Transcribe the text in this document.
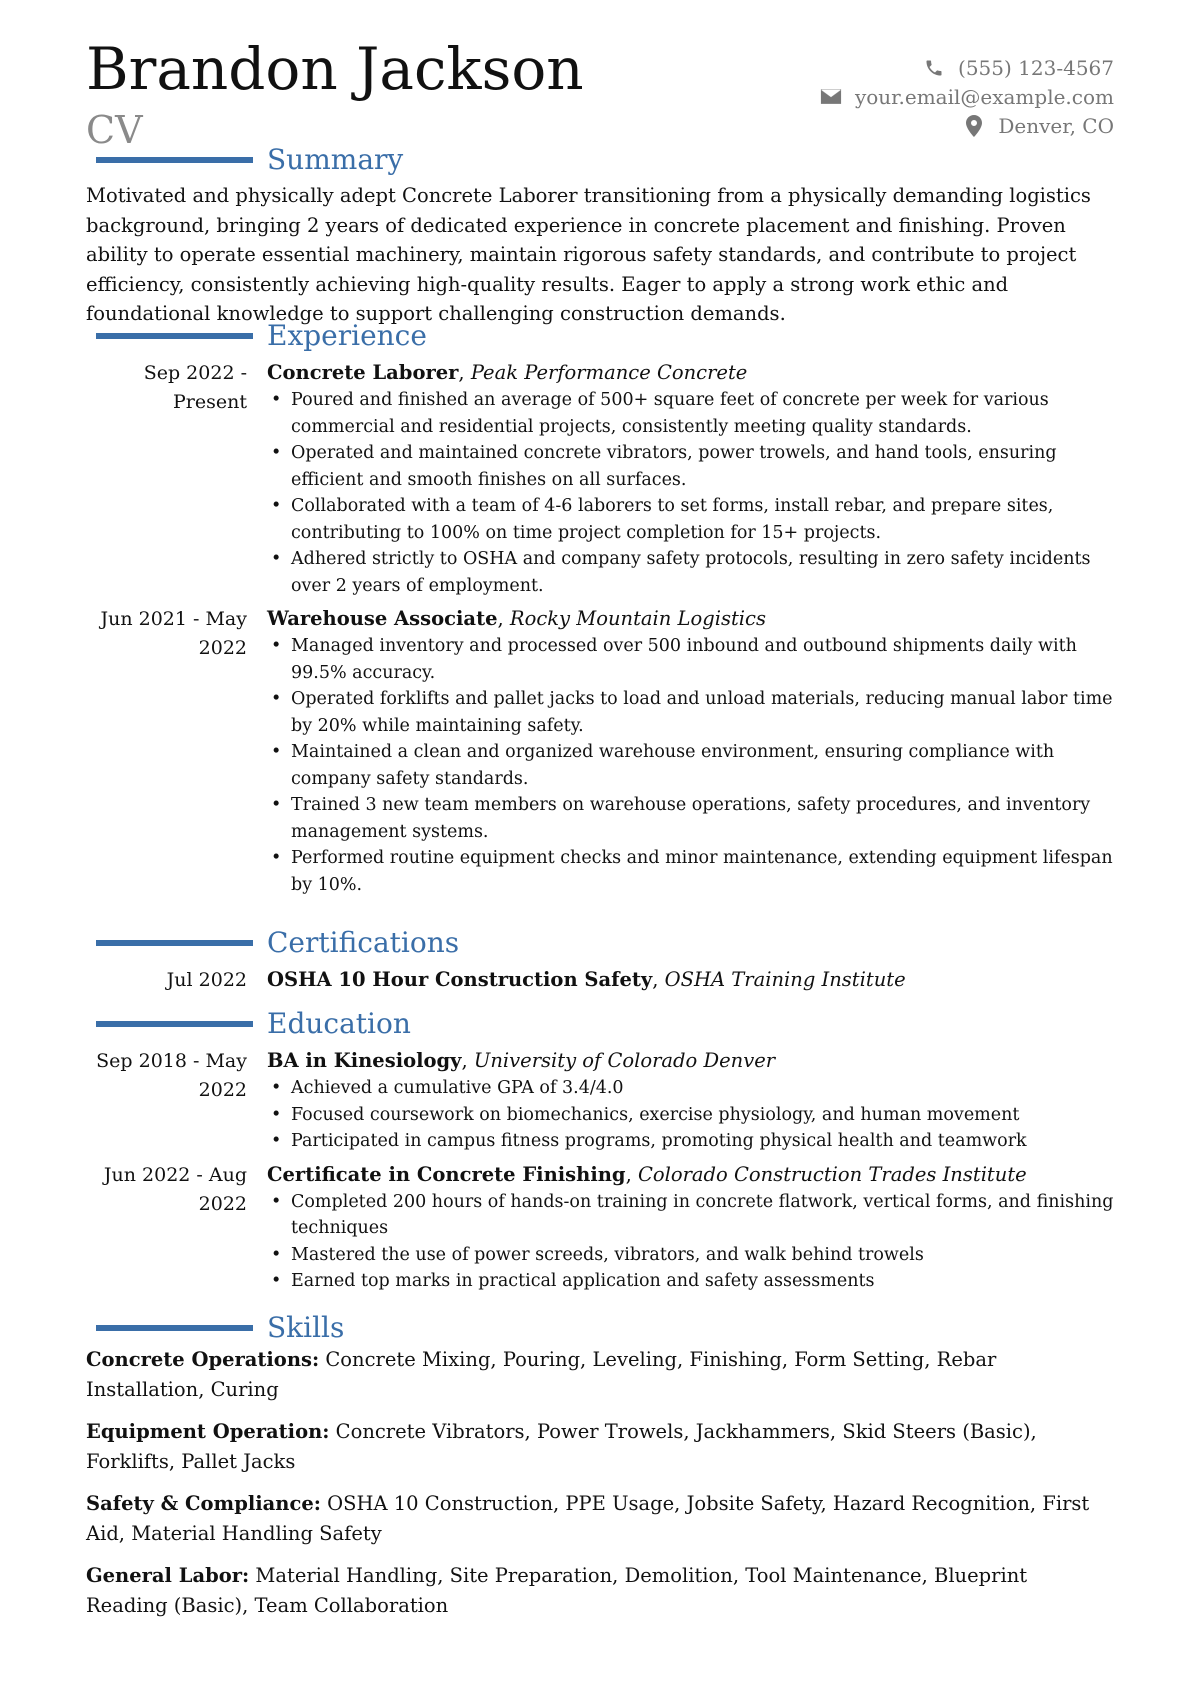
Brandon Jackson
CV
(555) 123-4567
your.email@example.com
Denver, CO
Summary

Motivated and physically adept Concrete Laborer transitioning from a physically demanding logistics background, bringing 2 years of dedicated experience in concrete placement and finishing. Proven ability to operate essential machinery, maintain rigorous safety standards, and contribute to project efficiency, consistently achieving high-quality results. Eager to apply a strong work ethic and foundational knowledge to support challenging construction demands.

Experience
Sep 2022 - Present
Concrete Laborer, Peak Performance Concrete
• Poured and finished an average of 500+ square feet of concrete per week for various commercial and residential projects, consistently meeting quality standards.
• Operated and maintained concrete vibrators, power trowels, and hand tools, ensuring efficient and smooth finishes on all surfaces.
• Collaborated with a team of 4-6 laborers to set forms, install rebar, and prepare sites, contributing to 100% on time project completion for 15+ projects.
• Adhered strictly to OSHA and company safety protocols, resulting in zero safety incidents over 2 years of employment.
Jun 2021 - May 2022
Warehouse Associate, Rocky Mountain Logistics
• Managed inventory and processed over 500 inbound and outbound shipments daily with 99.5% accuracy.
• Operated forklifts and pallet jacks to load and unload materials, reducing manual labor time by 20% while maintaining safety.
• Maintained a clean and organized warehouse environment, ensuring compliance with company safety standards.
• Trained 3 new team members on warehouse operations, safety procedures, and inventory management systems.
• Performed routine equipment checks and minor maintenance, extending equipment lifespan by 10%.
Certifications
Jul 2022 OSHA 10 Hour Construction Safety, OSHA Training Institute
Education
Sep 2018 - May 2022
BA in Kinesiology, University of Colorado Denver
• Achieved a cumulative GPA of 3.4/4.0
• Focused coursework on biomechanics, exercise physiology, and human movement
• Participated in campus fitness programs, promoting physical health and teamwork
Jun 2022 - Aug 2022
Certificate in Concrete Finishing, Colorado Construction Trades Institute
• Completed 200 hours of hands-on training in concrete flatwork, vertical forms, and finishing techniques
• Mastered the use of power screeds, vibrators, and walk behind trowels
• Earned top marks in practical application and safety assessments
Skills

Concrete Operations: Concrete Mixing, Pouring, Leveling, Finishing, Form Setting, Rebar Installation, Curing

Equipment Operation: Concrete Vibrators, Power Trowels, Jackhammers, Skid Steers (Basic), Forklifts, Pallet Jacks

Safety & Compliance: OSHA 10 Construction, PPE Usage, Jobsite Safety, Hazard Recognition, First Aid, Material Handling Safety

General Labor: Material Handling, Site Preparation, Demolition, Tool Maintenance, Blueprint Reading (Basic), Team Collaboration
